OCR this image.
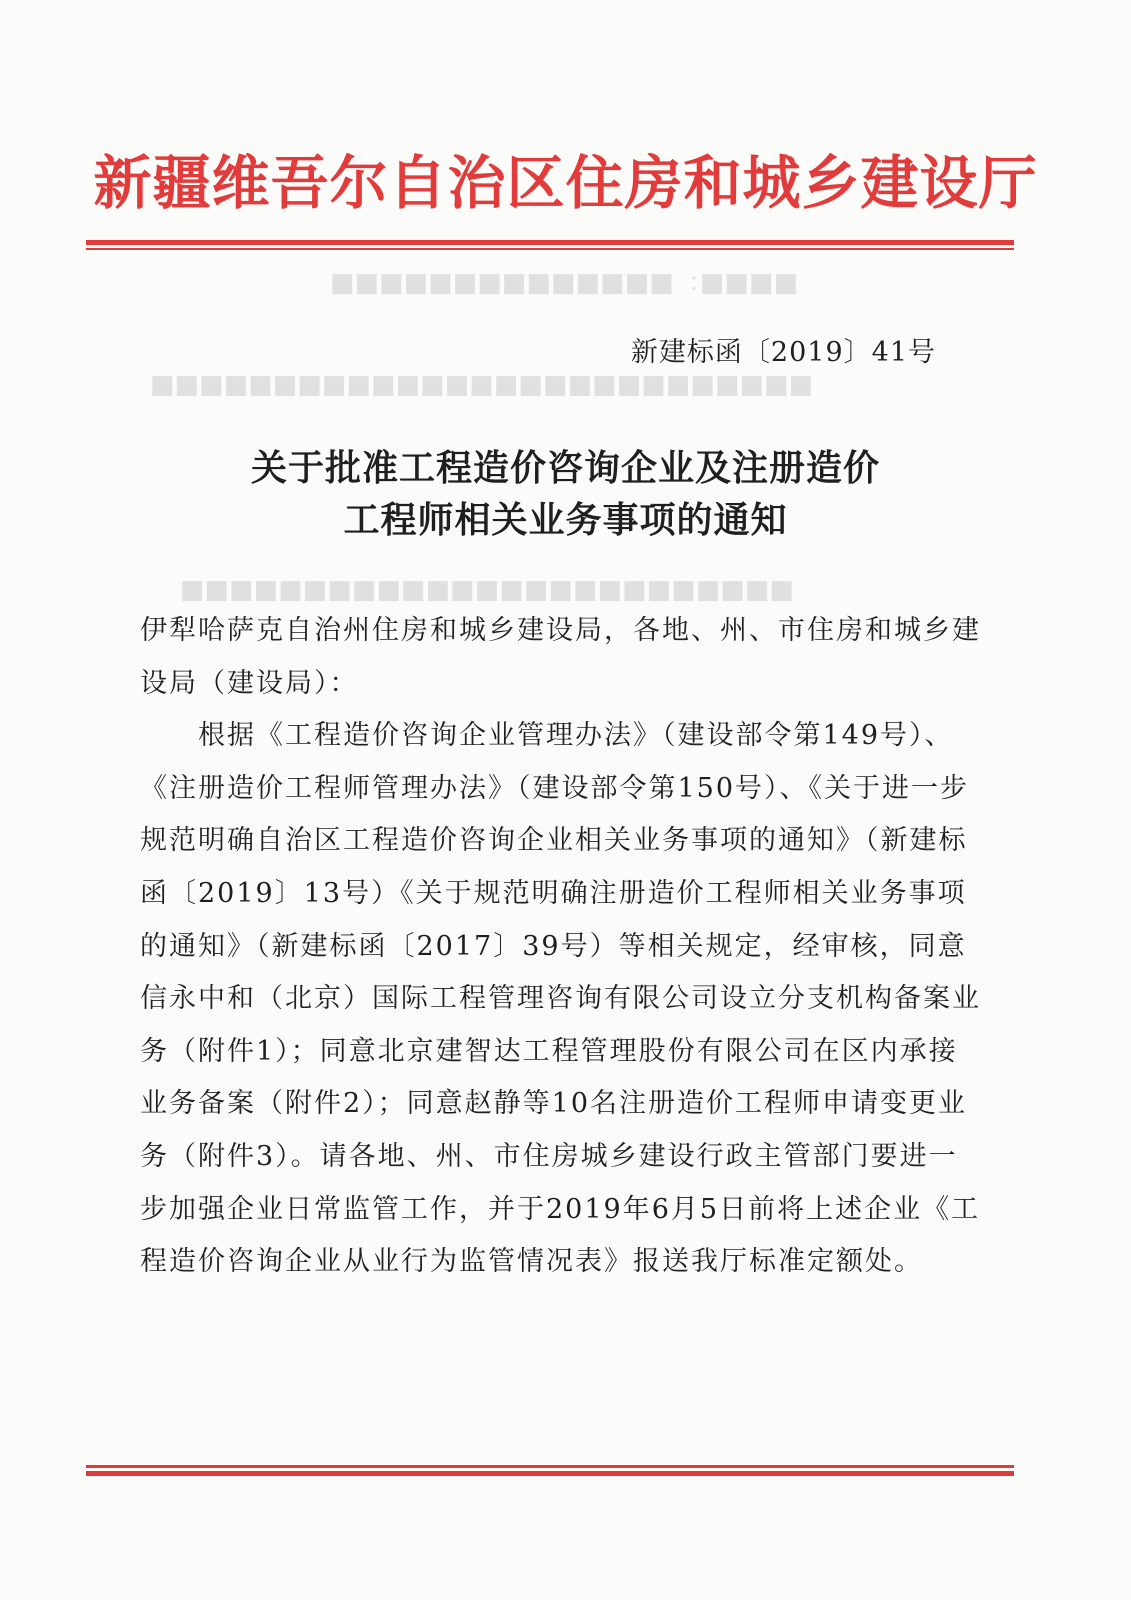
■■■■：■■■■■■■■■■■■■■
■■■■■■■■■■■■■■■■■■■■■■■■■■■
■■■■■■■■■■■■■■■■■■■■■■■■■
新疆维吾尔自治区住房和城乡建设厅
新建标函〔2019〕41号
关于批准工程造价咨询企业及注册造价
工程师相关业务事项的通知

伊犁哈萨克自治州住房和城乡建设局，各地、州、市住房和城乡建设局（建设局）：

根据《工程造价咨询企业管理办法》（建设部令第149号）、《注册造价工程师管理办法》（建设部令第150号）、《关于进一步规范明确自治区工程造价咨询企业相关业务事项的通知》（新建标函〔2019〕13号）《关于规范明确注册造价工程师相关业务事项的通知》（新建标函〔2017〕39号）等相关规定，经审核，同意信永中和（北京）国际工程管理咨询有限公司设立分支机构备案业务（附件1）；同意北京建智达工程管理股份有限公司在区内承接业务备案（附件2）；同意赵静等10名注册造价工程师申请变更业务（附件3）。请各地、州、市住房城乡建设行政主管部门要进一步加强企业日常监管工作，并于2019年6月5日前将上述企业《工程造价咨询企业从业行为监管情况表》报送我厅标准定额处。
